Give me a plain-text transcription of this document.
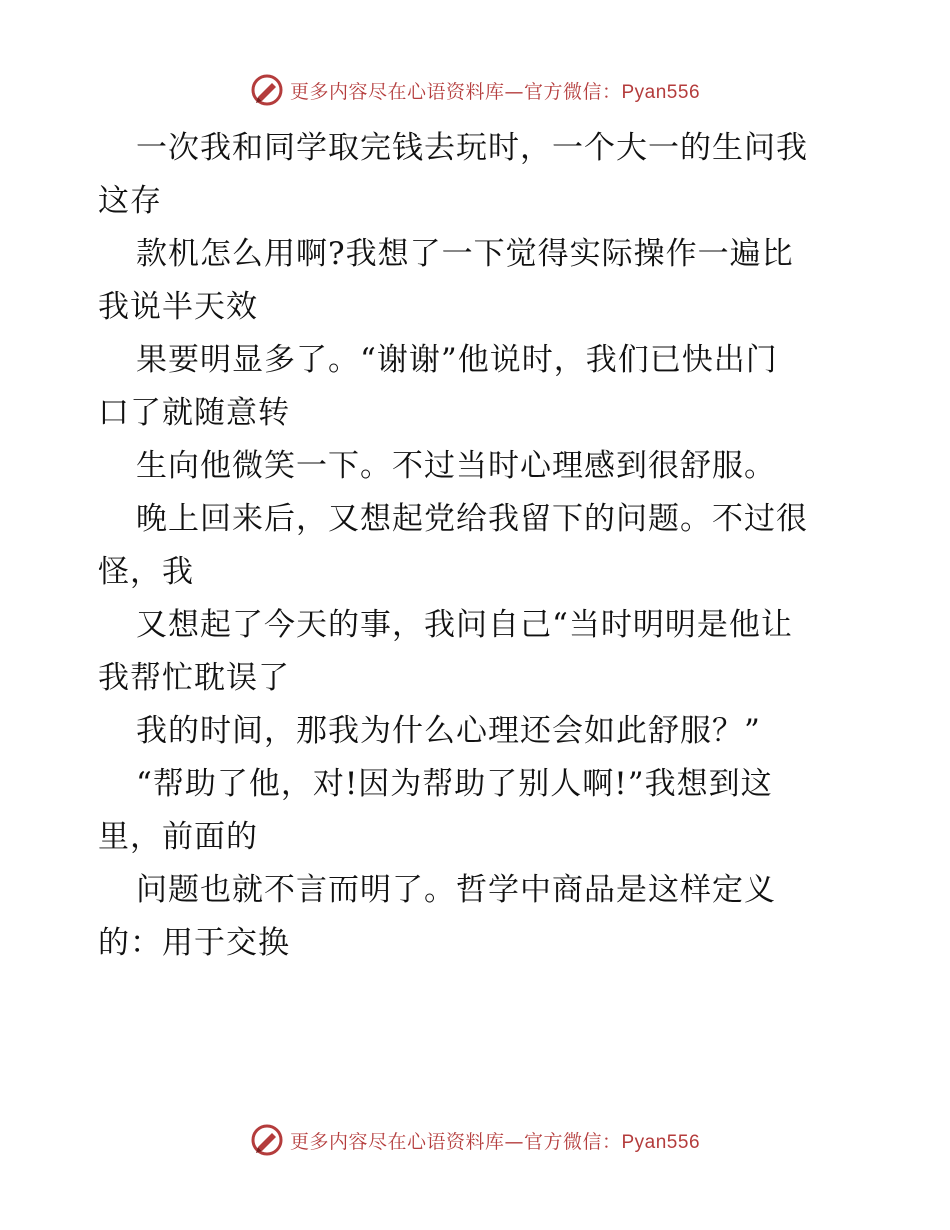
更多内容尽在心语资料库—官方微信：Pyan556

一次我和同学取完钱去玩时，一个大一的生问我
这存

款机怎么用啊?我想了一下觉得实际操作一遍比
我说半天效

果要明显多了。“谢谢”他说时，我们已快出门
口了就随意转

生向他微笑一下。不过当时心理感到很舒服。

晚上回来后，又想起党给我留下的问题。不过很
怪，我

又想起了今天的事，我问自己“当时明明是他让
我帮忙耽误了

我的时间，那我为什么心理还会如此舒服？”

“帮助了他，对!因为帮助了别人啊!”我想到这
里，前面的

问题也就不言而明了。哲学中商品是这样定义
的：用于交换

更多内容尽在心语资料库—官方微信：Pyan556
